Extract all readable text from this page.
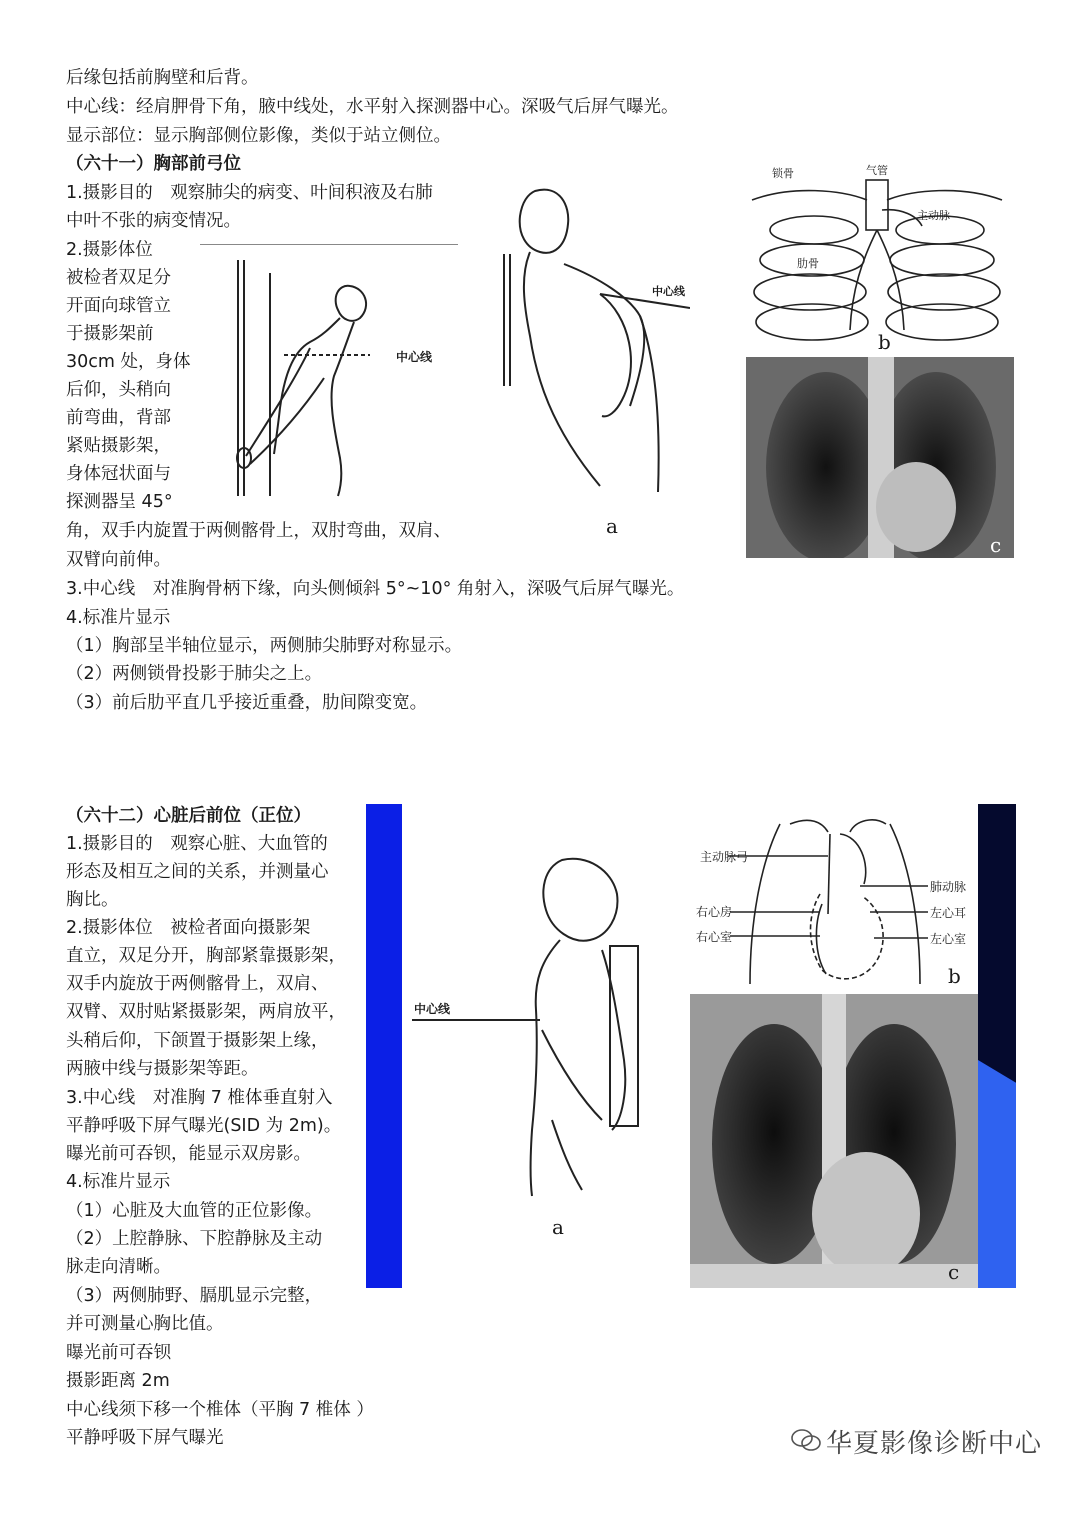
后缘包括前胸壁和后背。
中心线：经肩胛骨下角，腋中线处，水平射入探测器中心。深吸气后屏气曝光。
显示部位：显示胸部侧位影像，类似于站立侧位。
（六十一）胸部前弓位
1.摄影目的　观察肺尖的病变、叶间积液及右肺
中叶不张的病变情况。
2.摄影体位
被检者双足分
开面向球管立
于摄影架前
30cm 处，身体
后仰，头稍向
前弯曲，背部
紧贴摄影架，
身体冠状面与
探测器呈 45°
角，双手内旋置于两侧髂骨上，双肘弯曲，双肩、
双臂向前伸。
3.中心线　对准胸骨柄下缘，向头侧倾斜 5°~10° 角射入，深吸气后屏气曝光。
4.标准片显示
（1）胸部呈半轴位显示，两侧肺尖肺野对称显示。
（2）两侧锁骨投影于肺尖之上。
（3）前后肋平直几乎接近重叠，肋间隙变宽。
中心线
中心线
a
锁骨	气管
主动脉
肋骨
b
c
（六十二）心脏后前位（正位）
1.摄影目的　观察心脏、大血管的
形态及相互之间的关系，并测量心
胸比。
2.摄影体位　被检者面向摄影架
直立，双足分开，胸部紧靠摄影架，
双手内旋放于两侧髂骨上，双肩、
双臂、双肘贴紧摄影架，两肩放平，
头稍后仰，下颌置于摄影架上缘，
两腋中线与摄影架等距。
3.中心线　对准胸 7 椎体垂直射入
平静呼吸下屏气曝光(SID 为 2m)。
曝光前可吞钡，能显示双房影。
4.标准片显示
（1）心脏及大血管的正位影像。
（2）上腔静脉、下腔静脉及主动
脉走向清晰。
（3）两侧肺野、膈肌显示完整，
并可测量心胸比值。
曝光前可吞钡
摄影距离 2m
中心线须下移一个椎体（平胸 7 椎体 ）
平静呼吸下屏气曝光
中心线
a
主动脉弓
肺动脉
右心房	左心耳
右心室	左心室
b
c
华夏影像诊断中心
